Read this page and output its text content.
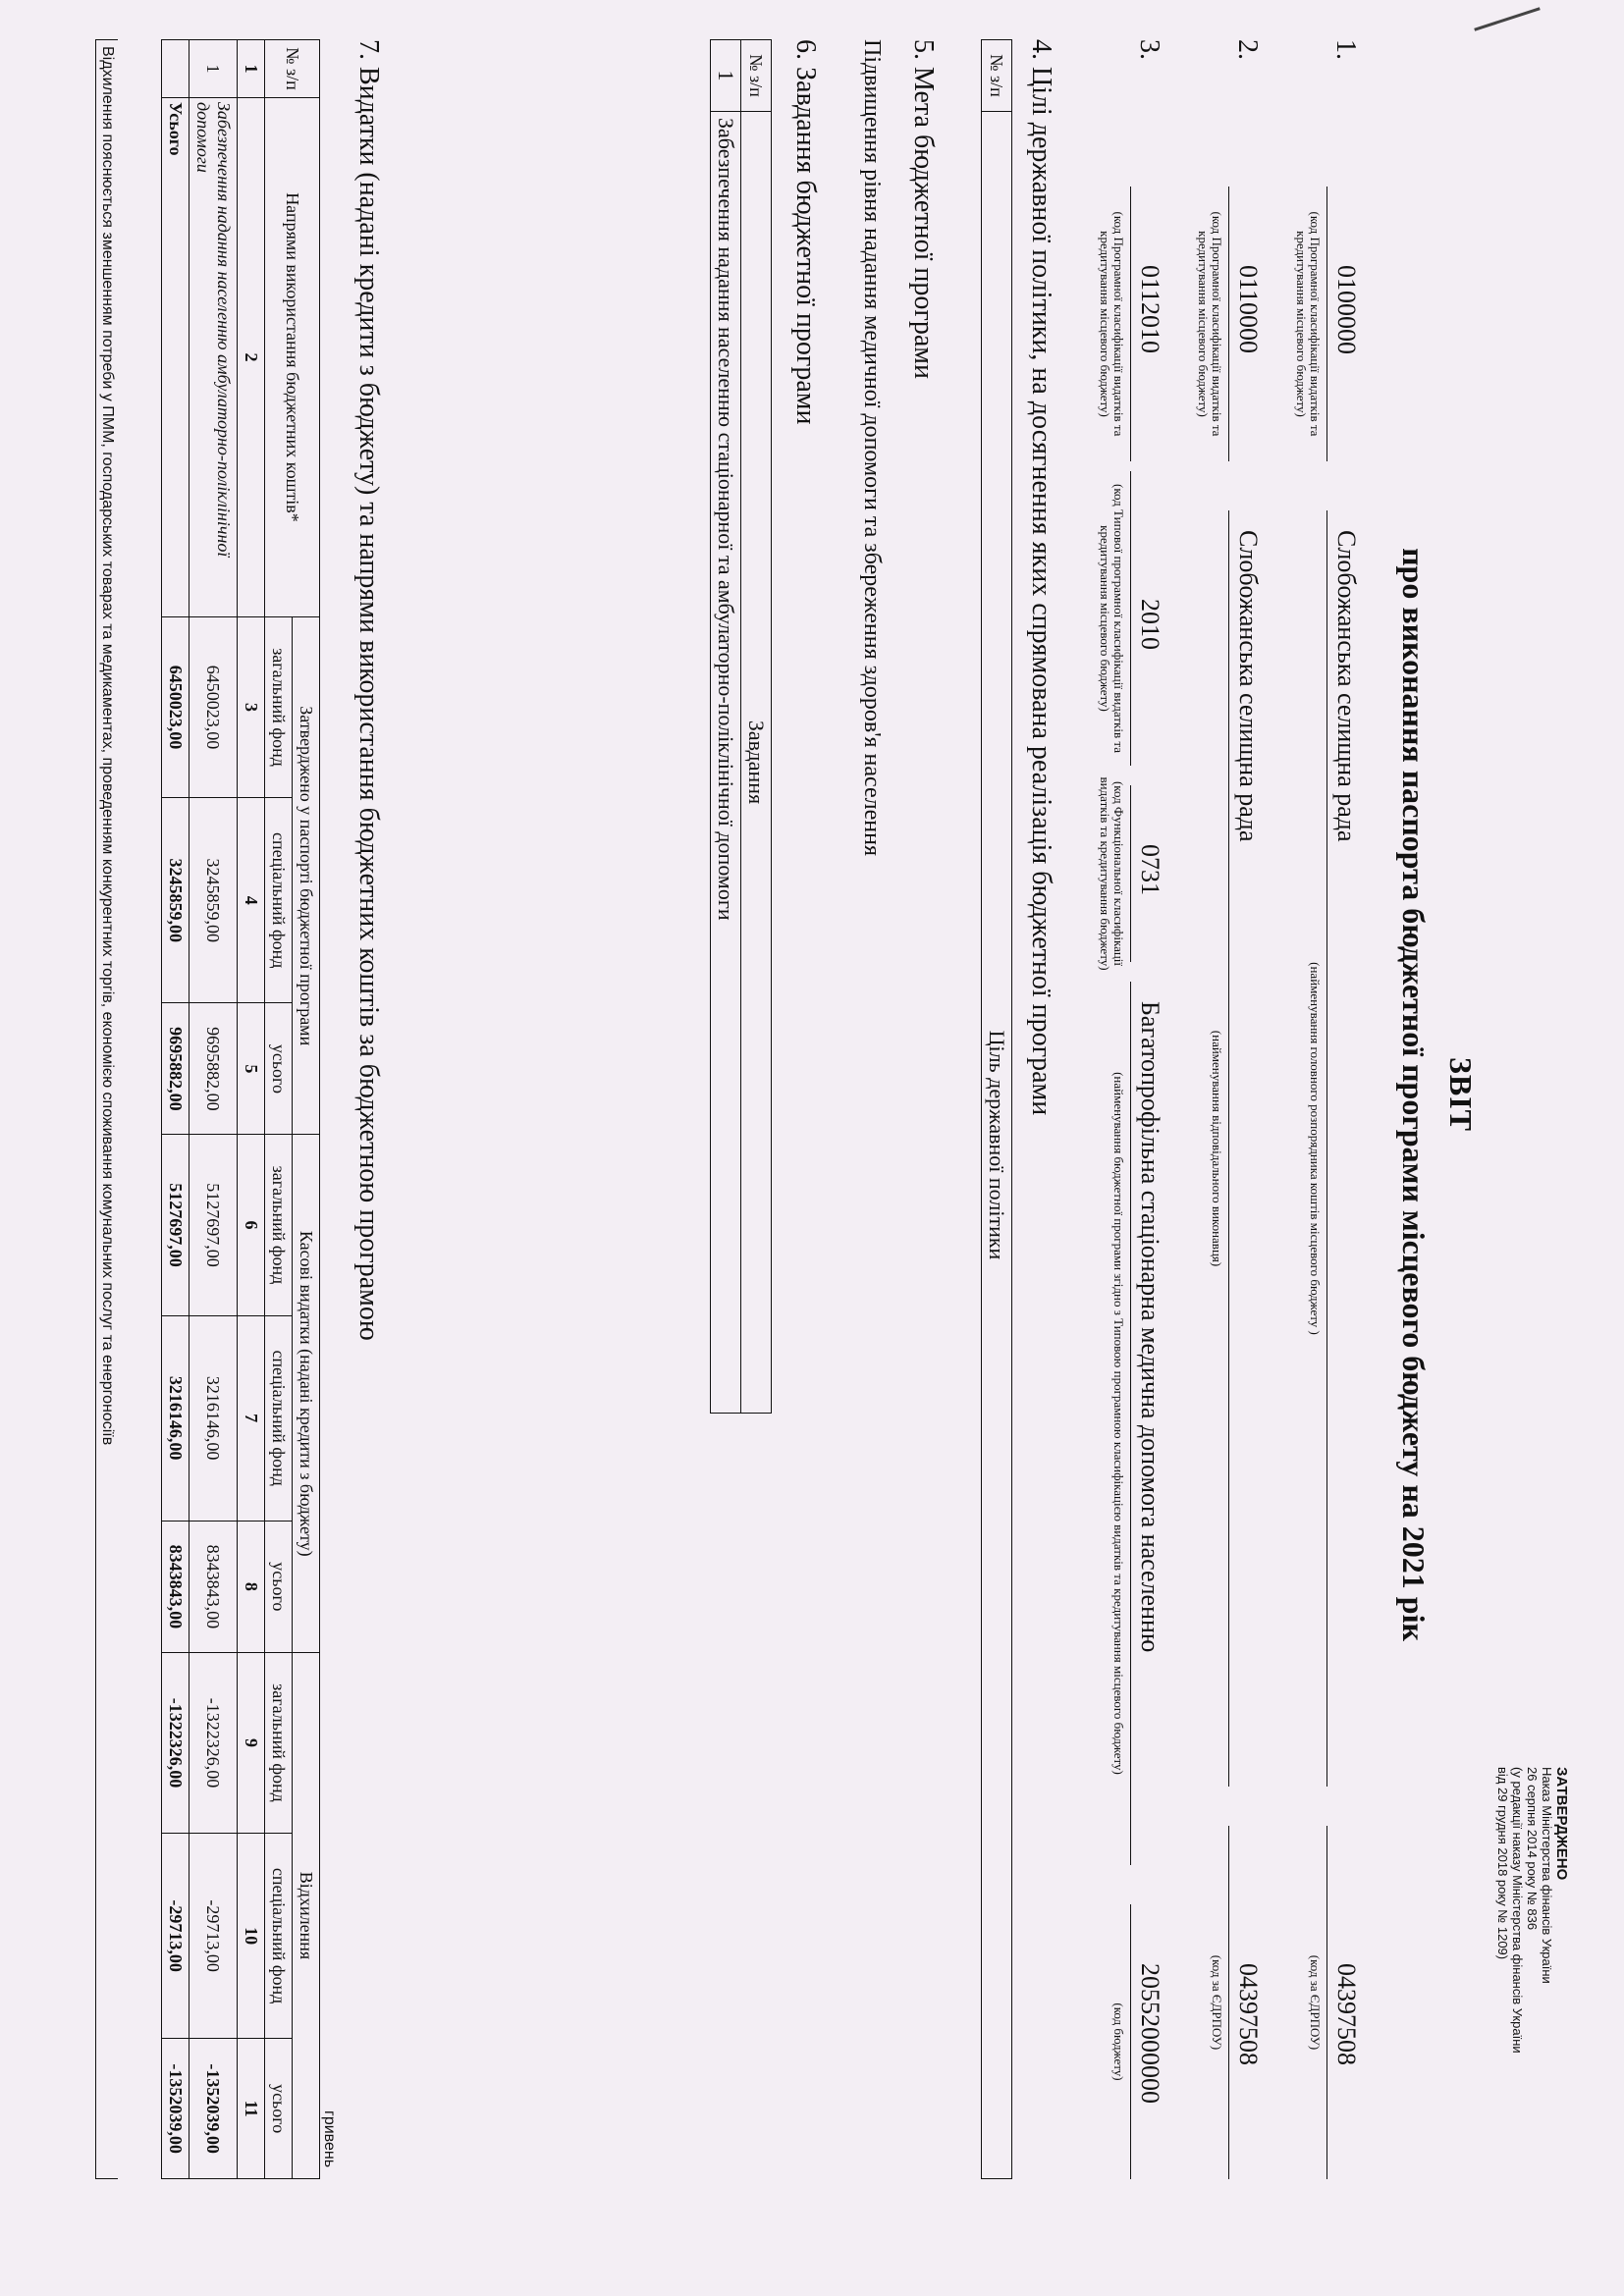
ЗАТВЕРДЖЕНО
Наказ Міністерства фінансів України
26 серпня 2014 року № 836
(у редакції наказу Міністерства фінансів України
від 29 грудня 2018 року № 1209)
ЗВІТ
про виконання паспорта бюджетної програми місцевого бюджету на 2021 рік
1.
0100000
(код Програмної класифікації видатків та кредитування місцевого бюджету)
Слобожанська селищна рада
(найменування головного розпорядника коштів місцевого бюджету )
04397508
(код за ЄДРПОУ)
2.
0110000
(код Програмної класифікації видатків та кредитування місцевого бюджету)
Слобожанська селищна рада
(найменування відповідального виконавця)
04397508
(код за ЄДРПОУ)
3.
0112010
(код Програмної класифікації видатків та кредитування місцевого бюджету)
2010
(код Типової програмної класифікації видатків та кредитування місцевого бюджету)
0731
(код Функціональної класифікації видатків та кредитування бюджету)
Багатопрофільна стаціонарна медична допомога населенню
(найменування бюджетної програми згідно з Типовою програмною класифікацією видатків та кредитування місцевого бюджету)
20552000000
(код бюджету)
4. Цілі державної політики, на досягнення яких спрямована реалізація бюджетної програми
№ з/п	Ціль державної політики
5. Мета бюджетної програми
Підвищення рівня надання медичної допомоги та збереження здоров'я населення
6. Завдання бюджетної програми
№ з/п	Завдання
1	Забезпечення надання населенню стаціонарної та амбулаторно-поліклінічної допомоги
7. Видатки (надані кредити з бюджету) та напрями використання бюджетних коштів за бюджетною програмою
гривень
№ з/п	Напрями використання бюджетних коштів*	Затверджено у паспорті бюджетної програми			Касові видатки (надані кредити з бюджету)			Відхилення		
		загальний фонд	спеціальний фонд	усього	загальний фонд	спеціальний фонд	усього	загальний фонд	спеціальний фонд	усього
1	2	3	4	5	6	7	8	9	10	11
1	Забезпечення надання населенню амбулаторно-поліклінічної допомоги	6450023,00	3245859,00	9695882,00	5127697,00	3216146,00	8343843,00	-1322326,00	-29713,00	-1352039,00
	Усього	6450023,00	3245859,00	9695882,00	5127697,00	3216146,00	8343843,00	-1322326,00	-29713,00	-1352039,00
Відхилення пояснюється зменшенням потреби у ПММ, господарських товарах та медикаментах, проведенням конкурентних торгів, економією споживання комунальних послуг та енергоносіїв
